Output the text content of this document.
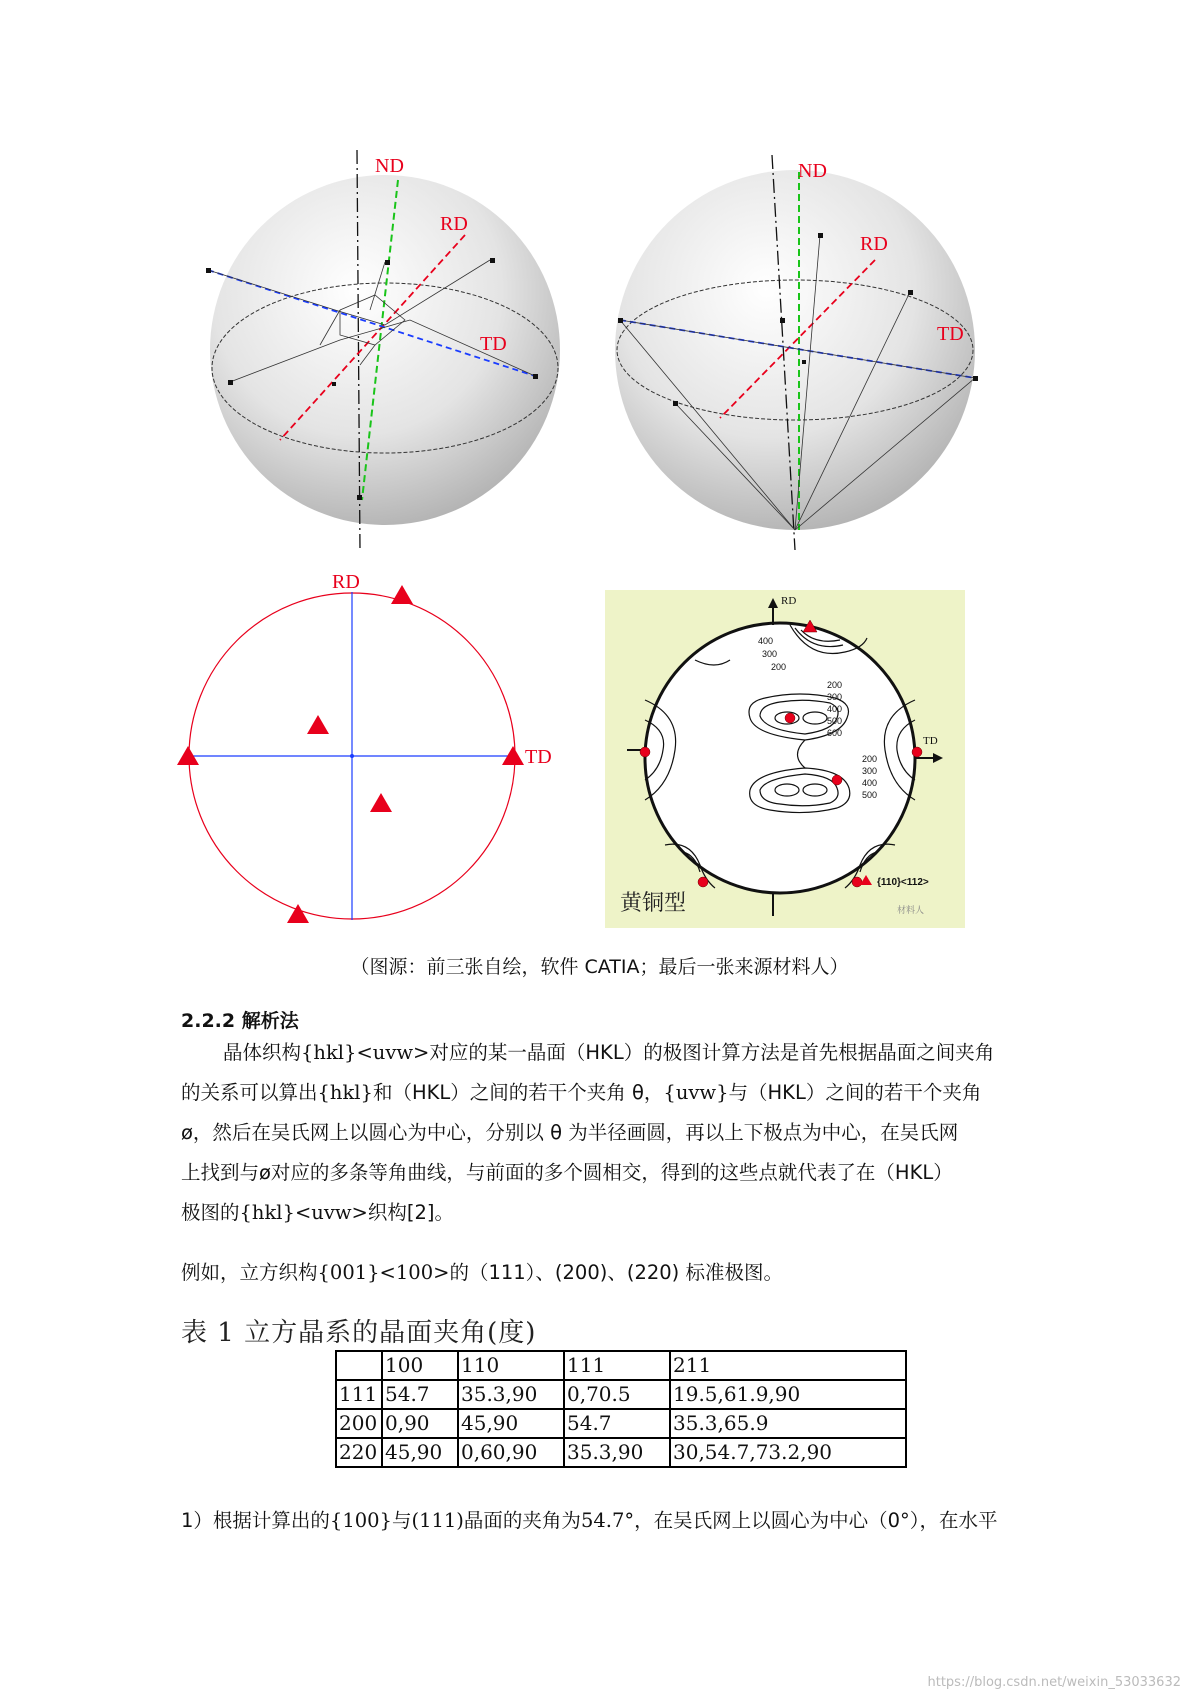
ND
RD
TD
ND
RD
TD
RD
TD
400
300
200
200
300
400
500
600
200
300
400
500
RD
TD
黄铜型
{110}<112>
材料人
（图源：前三张自绘，软件 CATIA；最后一张来源材料人）
2.2.2 解析法
晶体织构{hkl}<uvw>对应的某一晶面（HKL）的极图计算方法是首先根据晶面之间夹角
的关系可以算出{hkl}和（HKL）之间的若干个夹角 θ，{uvw}与（HKL）之间的若干个夹角
ø，然后在吴氏网上以圆心为中心，分别以 θ 为半径画圆，再以上下极点为中心，在吴氏网
上找到与ø对应的多条等角曲线，与前面的多个圆相交，得到的这些点就代表了在（HKL）
极图的{hkl}<uvw>织构[2]。
例如，立方织构{001}<100>的（111）、(200)、(220) 标准极图。
表 1 立方晶系的晶面夹角(度)
	100	110	111	211
111	54.7	35.3,90	0,70.5	19.5,61.9,90
200	0,90	45,90	54.7	35.3,65.9
220	45,90	0,60,90	35.3,90	30,54.7,73.2,90
1）根据计算出的{100}与(111)晶面的夹角为54.7°，在吴氏网上以圆心为中心（0°），在水平
https://blog.csdn.net/weixin_53033632
